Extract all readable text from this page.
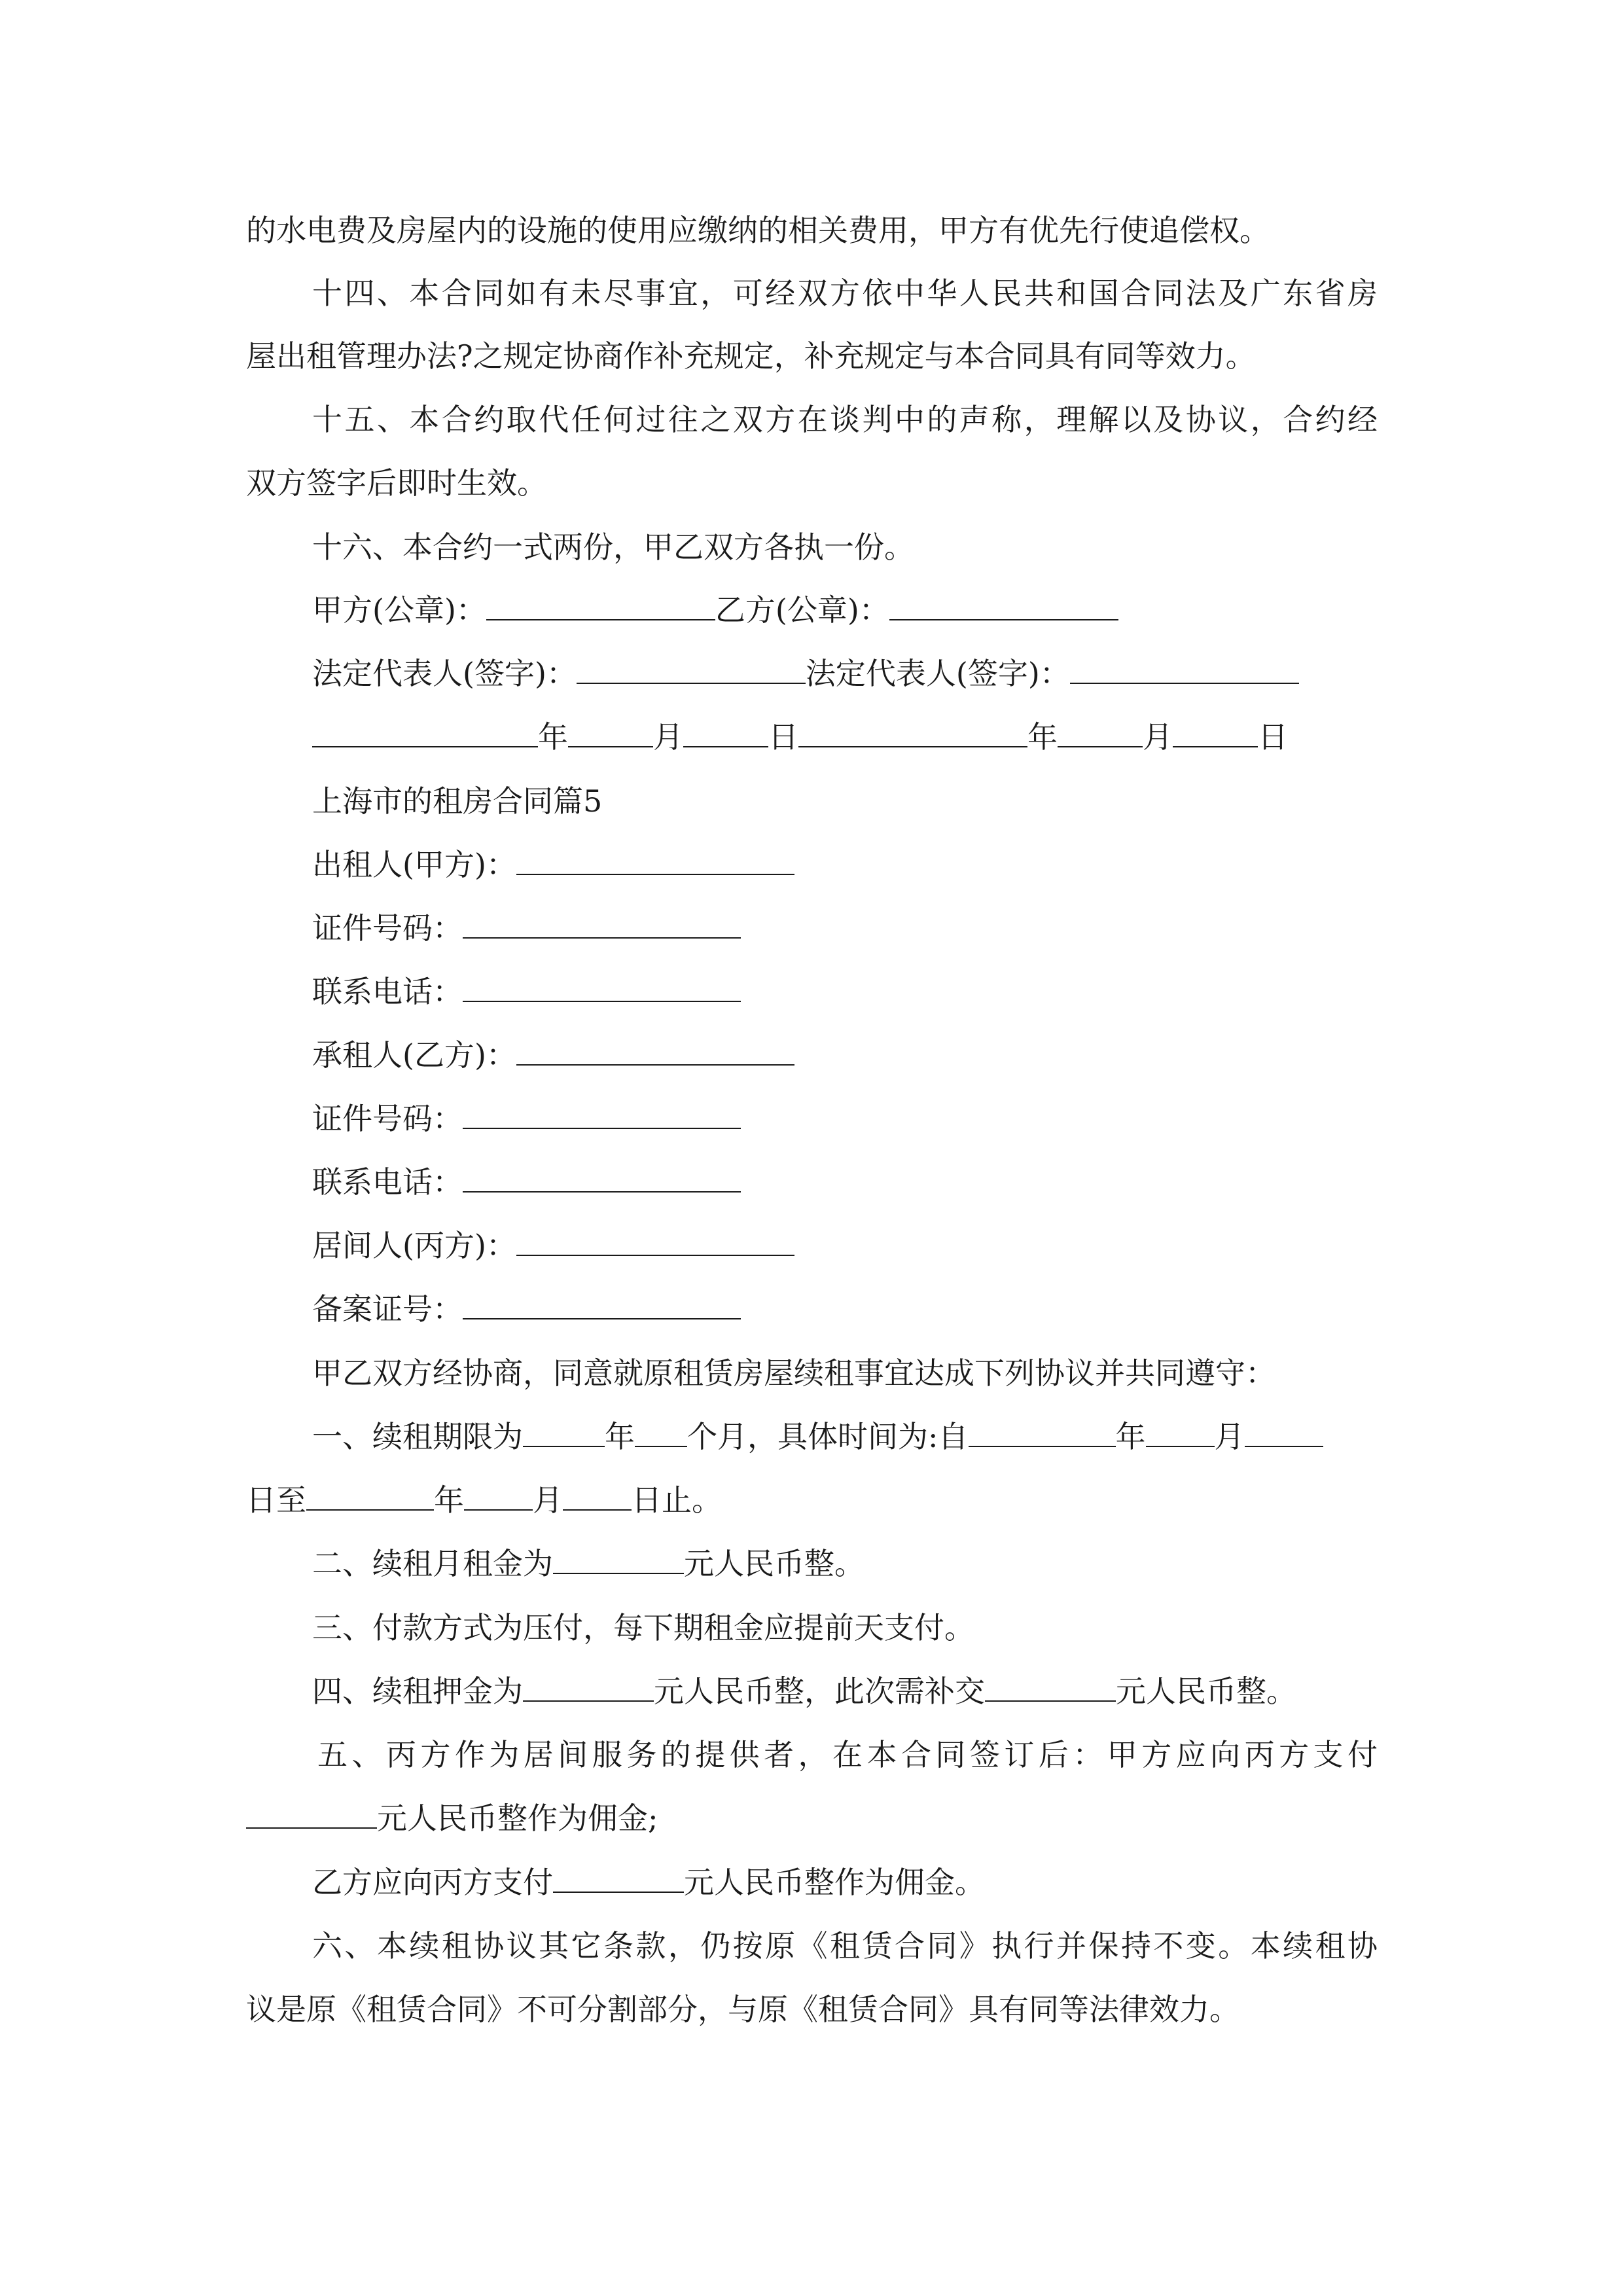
的水电费及房屋内的设施的使用应缴纳的相关费用，甲方有优先行使追偿权。
十四、本合同如有未尽事宜，可经双方依中华人民共和国合同法及广东省房
屋出租管理办法?之规定协商作补充规定，补充规定与本合同具有同等效力。
十五、本合约取代任何过往之双方在谈判中的声称，理解以及协议，合约经
双方签字后即时生效。
十六、本合约一式两份，甲乙双方各执一份。
甲方(公章)：	乙方(公章)：
法定代表人(签字)：	法定代表人(签字)：
年	月	日	年	月	日
上海市的租房合同篇5
出租人(甲方)：
证件号码：
联系电话：
承租人(乙方)：
证件号码：
联系电话：
居间人(丙方)：
备案证号：
甲乙双方经协商，同意就原租赁房屋续租事宜达成下列协议并共同遵守：
一、续租期限为	年 个月，具体时间为:自	年 月
日至	年 月 日止。
二、续租月租金为	元人民币整。
三、付款方式为压付，每下期租金应提前天支付。
四、续租押金为	元人民币整，此次需补交	元人民币整。
五、丙方作为居间服务的提供者，在本合同签订后：甲方应向丙方支付
元人民币整作为佣金;
乙方应向丙方支付	元人民币整作为佣金。
六、本续租协议其它条款，仍按原《租赁合同》执行并保持不变。本续租协
议是原《租赁合同》不可分割部分，与原《租赁合同》具有同等法律效力。
